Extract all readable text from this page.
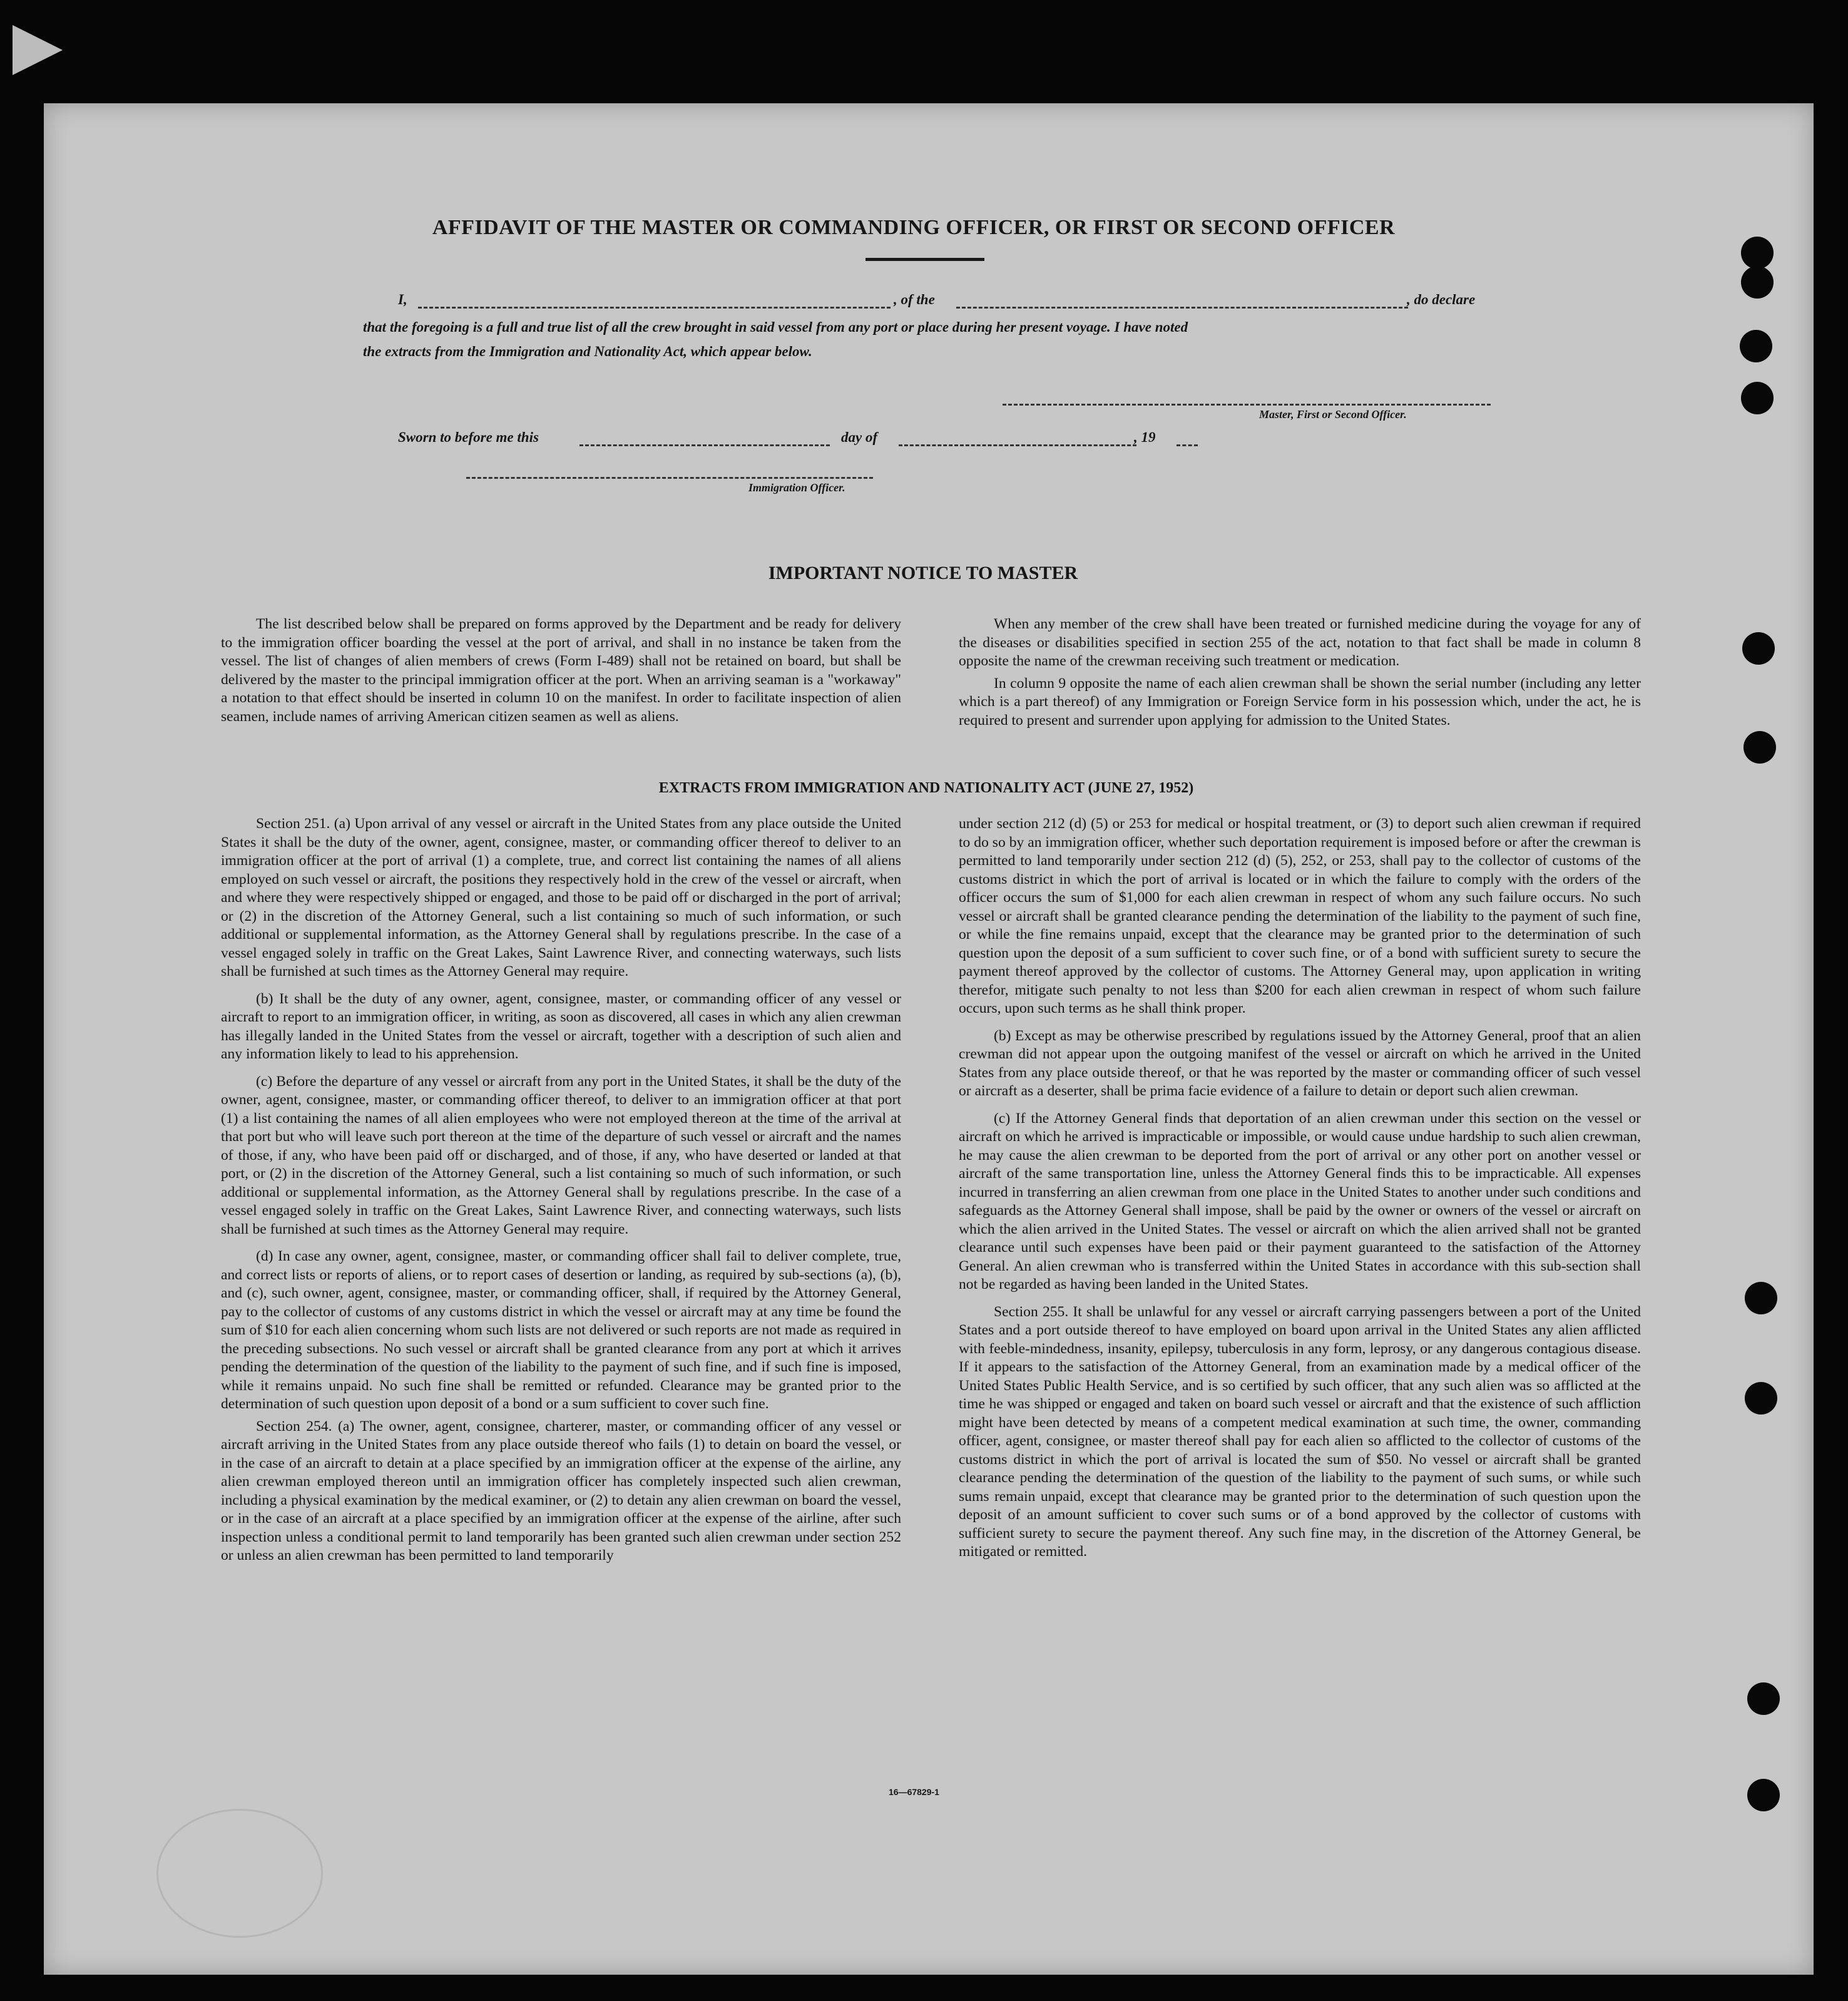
AFFIDAVIT OF THE MASTER OR COMMANDING OFFICER, OR FIRST OR SECOND OFFICER
I,	, of the	, do declare
that the foregoing is a full and true list of all the crew brought in said vessel from any port or place during her present voyage. I have noted
the extracts from the Immigration and Nationality Act, which appear below.
Master, First or Second Officer.
Sworn to before me this	day of	, 19
Immigration Officer.
IMPORTANT NOTICE TO MASTER

The list described below shall be prepared on forms approved by the Department and be ready for delivery to the immigration officer boarding the vessel at the port of arrival, and shall in no instance be taken from the vessel. The list of changes of alien members of crews (Form I-489) shall not be retained on board, but shall be delivered by the master to the principal immigration officer at the port. When an arriving seaman is a "workaway" a notation to that effect should be inserted in column 10 on the manifest. In order to facilitate inspection of alien seamen, include names of arriving American citizen seamen as well as aliens.

When any member of the crew shall have been treated or furnished medicine during the voyage for any of the diseases or disabilities specified in section 255 of the act, notation to that fact shall be made in column 8 opposite the name of the crewman receiving such treatment or medication.

In column 9 opposite the name of each alien crewman shall be shown the serial number (including any letter which is a part thereof) of any Immigration or Foreign Service form in his possession which, under the act, he is required to present and surrender upon applying for admission to the United States.

EXTRACTS FROM IMMIGRATION AND NATIONALITY ACT (JUNE 27, 1952)

Section 251. (a) Upon arrival of any vessel or aircraft in the United States from any place outside the United States it shall be the duty of the owner, agent, consignee, master, or commanding officer thereof to deliver to an immigration officer at the port of arrival (1) a complete, true, and correct list containing the names of all aliens employed on such vessel or aircraft, the positions they respectively hold in the crew of the vessel or aircraft, when and where they were respectively shipped or engaged, and those to be paid off or discharged in the port of arrival; or (2) in the discretion of the Attorney General, such a list containing so much of such information, or such additional or supplemental information, as the Attorney General shall by regulations prescribe. In the case of a vessel engaged solely in traffic on the Great Lakes, Saint Lawrence River, and connecting waterways, such lists shall be furnished at such times as the Attorney General may require.

(b) It shall be the duty of any owner, agent, consignee, master, or commanding officer of any vessel or aircraft to report to an immigration officer, in writing, as soon as discovered, all cases in which any alien crewman has illegally landed in the United States from the vessel or aircraft, together with a description of such alien and any information likely to lead to his apprehension.

(c) Before the departure of any vessel or aircraft from any port in the United States, it shall be the duty of the owner, agent, consignee, master, or commanding officer thereof, to deliver to an immigration officer at that port (1) a list containing the names of all alien employees who were not employed thereon at the time of the arrival at that port but who will leave such port thereon at the time of the departure of such vessel or aircraft and the names of those, if any, who have been paid off or discharged, and of those, if any, who have deserted or landed at that port, or (2) in the discretion of the Attorney General, such a list containing so much of such information, or such additional or supplemental information, as the Attorney General shall by regulations prescribe. In the case of a vessel engaged solely in traffic on the Great Lakes, Saint Lawrence River, and connecting waterways, such lists shall be furnished at such times as the Attorney General may require.

(d) In case any owner, agent, consignee, master, or commanding officer shall fail to deliver complete, true, and correct lists or reports of aliens, or to report cases of desertion or landing, as required by sub-sections (a), (b), and (c), such owner, agent, consignee, master, or commanding officer, shall, if required by the Attorney General, pay to the collector of customs of any customs district in which the vessel or aircraft may at any time be found the sum of $10 for each alien concerning whom such lists are not delivered or such reports are not made as required in the preceding subsections. No such vessel or aircraft shall be granted clearance from any port at which it arrives pending the determination of the question of the liability to the payment of such fine, and if such fine is imposed, while it remains unpaid. No such fine shall be remitted or refunded. Clearance may be granted prior to the determination of such question upon deposit of a bond or a sum sufficient to cover such fine.

Section 254. (a) The owner, agent, consignee, charterer, master, or commanding officer of any vessel or aircraft arriving in the United States from any place outside thereof who fails (1) to detain on board the vessel, or in the case of an aircraft to detain at a place specified by an immigration officer at the expense of the airline, any alien crewman employed thereon until an immigration officer has completely inspected such alien crewman, including a physical examination by the medical examiner, or (2) to detain any alien crewman on board the vessel, or in the case of an aircraft at a place specified by an immigration officer at the expense of the airline, after such inspection unless a conditional permit to land temporarily has been granted such alien crewman under section 252 or unless an alien crewman has been permitted to land temporarily

under section 212 (d) (5) or 253 for medical or hospital treatment, or (3) to deport such alien crewman if required to do so by an immigration officer, whether such deportation requirement is imposed before or after the crewman is permitted to land temporarily under section 212 (d) (5), 252, or 253, shall pay to the collector of customs of the customs district in which the port of arrival is located or in which the failure to comply with the orders of the officer occurs the sum of $1,000 for each alien crewman in respect of whom any such failure occurs. No such vessel or aircraft shall be granted clearance pending the determination of the liability to the payment of such fine, or while the fine remains unpaid, except that the clearance may be granted prior to the determination of such question upon the deposit of a sum sufficient to cover such fine, or of a bond with sufficient surety to secure the payment thereof approved by the collector of customs. The Attorney General may, upon application in writing therefor, mitigate such penalty to not less than $200 for each alien crewman in respect of whom such failure occurs, upon such terms as he shall think proper.

(b) Except as may be otherwise prescribed by regulations issued by the Attorney General, proof that an alien crewman did not appear upon the outgoing manifest of the vessel or aircraft on which he arrived in the United States from any place outside thereof, or that he was reported by the master or commanding officer of such vessel or aircraft as a deserter, shall be prima facie evidence of a failure to detain or deport such alien crewman.

(c) If the Attorney General finds that deportation of an alien crewman under this section on the vessel or aircraft on which he arrived is impracticable or impossible, or would cause undue hardship to such alien crewman, he may cause the alien crewman to be deported from the port of arrival or any other port on another vessel or aircraft of the same transportation line, unless the Attorney General finds this to be impracticable. All expenses incurred in transferring an alien crewman from one place in the United States to another under such conditions and safeguards as the Attorney General shall impose, shall be paid by the owner or owners of the vessel or aircraft on which the alien arrived in the United States. The vessel or aircraft on which the alien arrived shall not be granted clearance until such expenses have been paid or their payment guaranteed to the satisfaction of the Attorney General. An alien crewman who is transferred within the United States in accordance with this sub-section shall not be regarded as having been landed in the United States.

Section 255. It shall be unlawful for any vessel or aircraft carrying passengers between a port of the United States and a port outside thereof to have employed on board upon arrival in the United States any alien afflicted with feeble-mindedness, insanity, epilepsy, tuberculosis in any form, leprosy, or any dangerous contagious disease. If it appears to the satisfaction of the Attorney General, from an examination made by a medical officer of the United States Public Health Service, and is so certified by such officer, that any such alien was so afflicted at the time he was shipped or engaged and taken on board such vessel or aircraft and that the existence of such affliction might have been detected by means of a competent medical examination at such time, the owner, commanding officer, agent, consignee, or master thereof shall pay for each alien so afflicted to the collector of customs of the customs district in which the port of arrival is located the sum of $50. No vessel or aircraft shall be granted clearance pending the determination of the question of the liability to the payment of such sums, or while such sums remain unpaid, except that clearance may be granted prior to the determination of such question upon the deposit of an amount sufficient to cover such sums or of a bond approved by the collector of customs with sufficient surety to secure the payment thereof. Any such fine may, in the discretion of the Attorney General, be mitigated or remitted.

16—67829-1
